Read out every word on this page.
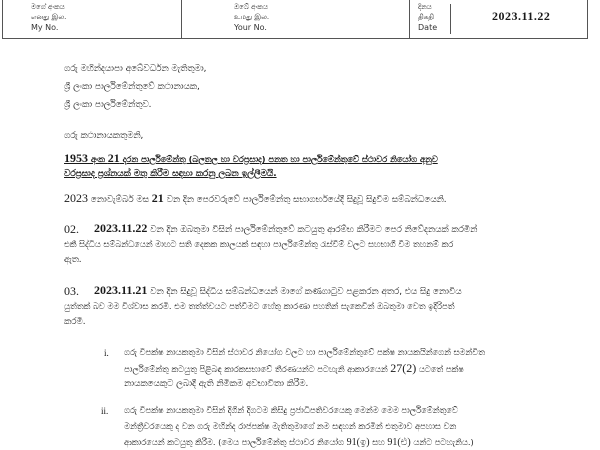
මගේ අංකය
எனது இல.
My No.
ඔබේ අංකය
உமது இல.
Your No.
දිනය
திகதி
Date
2023.11.22
ගරු මහින්දයාපා අබේවර්ධන මැතිතුමා,
ශ්‍රී ලංකා පාර්ලිමේන්තුවේ කථානායක,
ශ්‍රී ලංකා පාර්ලිමේන්තුව.
ගරු කථානායකතුමනි,
1953 අංක 21 දරන පාර්ලිමේන්තු (බලතල හා වරප්‍රසාද) පනත හා පාර්ලිමේන්තුවේ ස්ථාවර නියෝග අනුව
වරප්‍රසාද ප්‍රශ්නයක් මතු කිරීම සඳහා කරනු ලබන ඉල්ලීමයි.
2023 නොවැම්බර් මස 21 වන දින පෙරවරුවේ පාර්ලිමේන්තු සභාගර්භයේදී සිදුවූ සිදුවීම සම්බන්ධයෙනි.
02. 2023.11.22 වන දින ඔබතුමා විසින් පාර්ලිමේන්තුවේ කටයුතු ආරම්භ කිරීමට පෙර නිවේදනයක් කරමින්
එකී සිද්ධිය සම්බන්ධයෙන් මාහට සති දෙකක කාලයක් සඳහා පාර්ලිමේන්තු රැස්වීම් වලට සහභාගී වීම තහනම් කර
ඇත.
03. 2023.11.21 වන දින සිදුවූ සිද්ධිය සම්බන්ධයෙන් මාගේ කණගාටුව පළකරන අතර, එය සිදු නොවිය
යුත්තක් බව මම විශ්වාස කරමි. එම තත්ත්වයට පත්වීමට හේතු කාරණා පහතින් සැකෙවින් ඔබතුමා වෙත ඉදිරිපත්
කරමි.
i. ගරු විපක්ෂ නායකතුමා විසින් ස්ථාවර නියෝග වලට හා පාර්ලිමේන්තුවේ පක්ෂ නායකයින්ගෙන් සමන්විත
පාර්ලිමේන්තු කටයුතු පිළිබඳ කාරකසභාවේ තීරණයන්ට පටහැනි ආකාරයෙන් 27(2) යටතේ පක්ෂ
නායකයෙකුට ලබාදී ඇති නිමිකම අවභාවිතා කිරීම.
ii. ගරු විපක්ෂ නායකතුමා විසින් දිගින් දිගටම කිසිදු ප්‍රජාධිපතිවරයෙකු මෙන්ම මෙම පාර්ලිමේන්තුවේ
මන්ත්‍රීවරයෙකු ද වන ගරු මහින්ද රාජපක්ෂ මැතිතුමාගේ නම සඳහන් කරමින් එතුමාව අපහාස වන
ආකාරයෙන් කටයුතු කිරීම. (මෙය පාර්ලිමේන්තු ස්ථාවර නියෝග 91(ඉ) සහ 91(එ) යන්ට පටහැනිය.)
